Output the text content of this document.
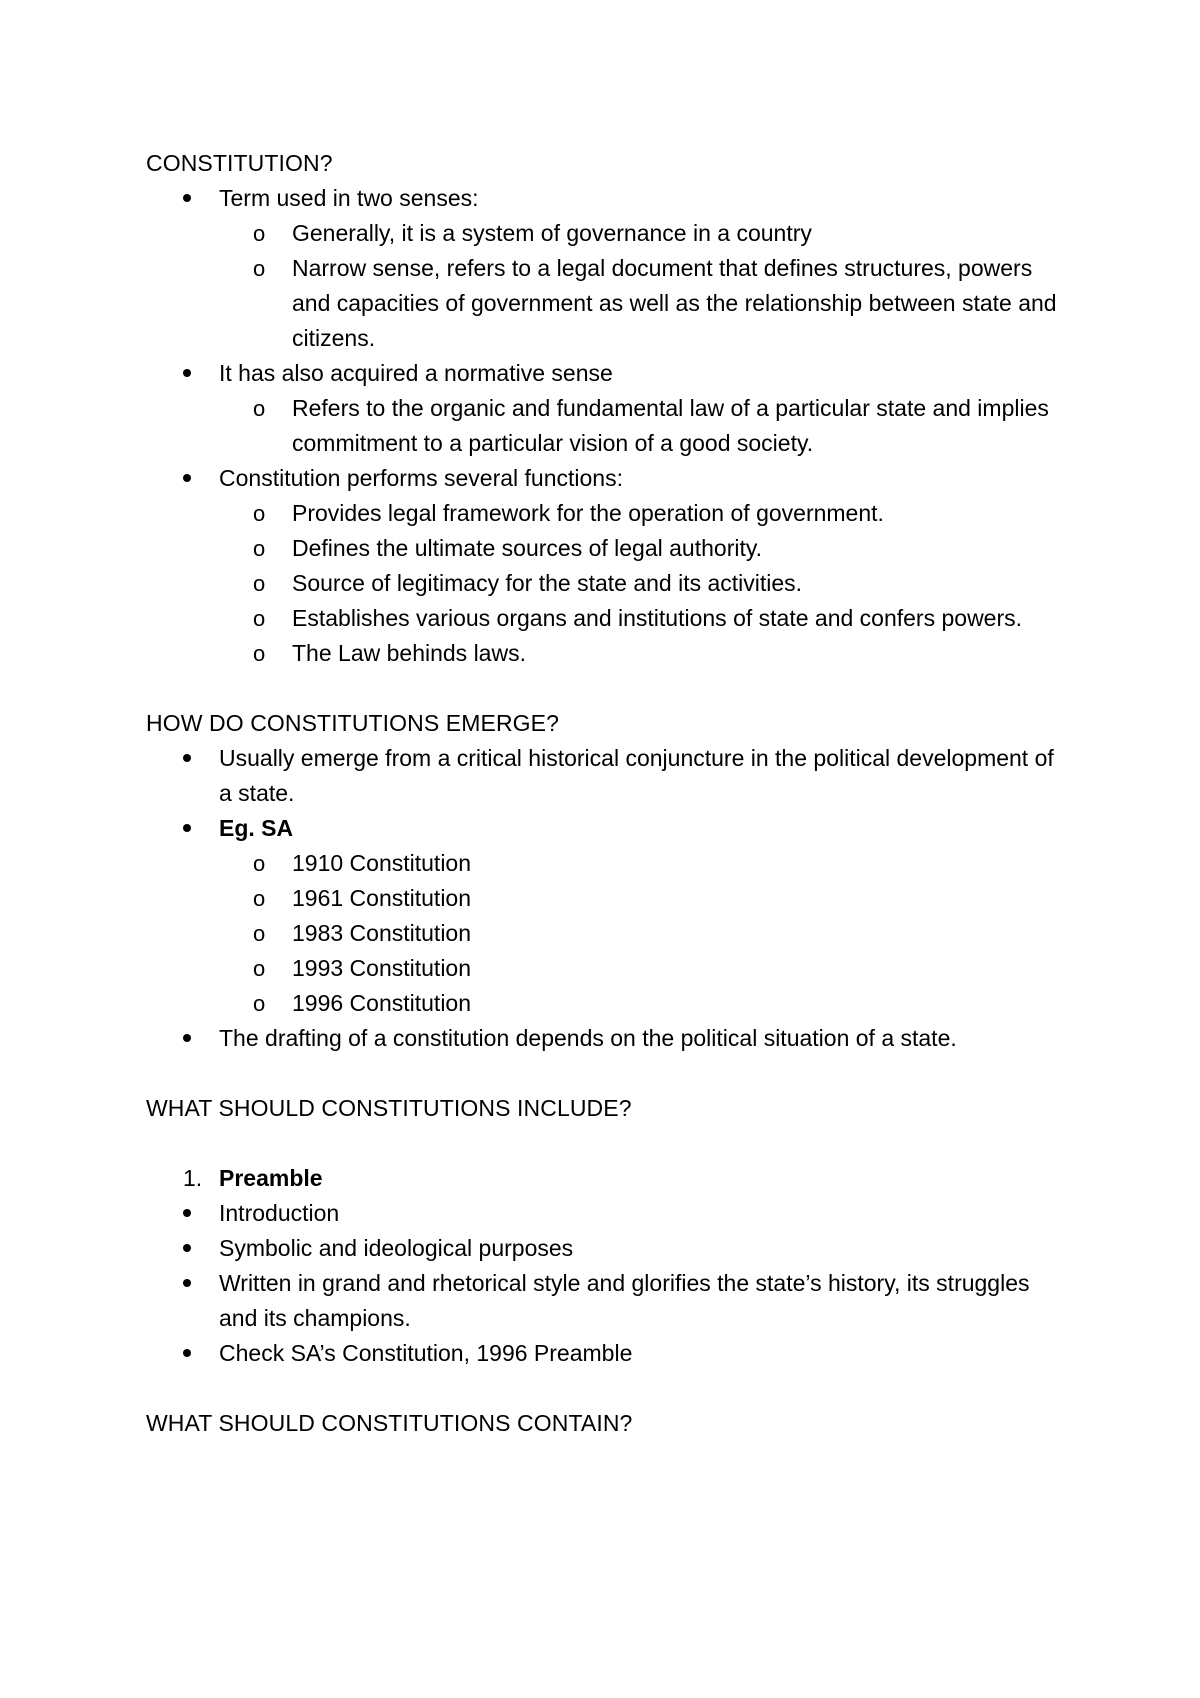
CONSTITUTION?

Term used in two senses:
o Generally, it is a system of governance in a country
o Narrow sense, refers to a legal document that defines structures, powers and capacities of government as well as the relationship between state and citizens.
It has also acquired a normative sense
o Refers to the organic and fundamental law of a particular state and implies commitment to a particular vision of a good society.
Constitution performs several functions:
o Provides legal framework for the operation of government.
o Defines the ultimate sources of legal authority.
o Source of legitimacy for the state and its activities.
o Establishes various organs and institutions of state and confers powers.
o The Law behinds laws.

HOW DO CONSTITUTIONS EMERGE?

Usually emerge from a critical historical conjuncture in the political development of a state.
Eg. SA
o 1910 Constitution
o 1961 Constitution
o 1983 Constitution
o 1993 Constitution
o 1996 Constitution
The drafting of a constitution depends on the political situation of a state.

WHAT SHOULD CONSTITUTIONS INCLUDE?

1. Preamble
Introduction
Symbolic and ideological purposes
Written in grand and rhetorical style and glorifies the state’s history, its struggles and its champions.
Check SA’s Constitution, 1996 Preamble

WHAT SHOULD CONSTITUTIONS CONTAIN?
